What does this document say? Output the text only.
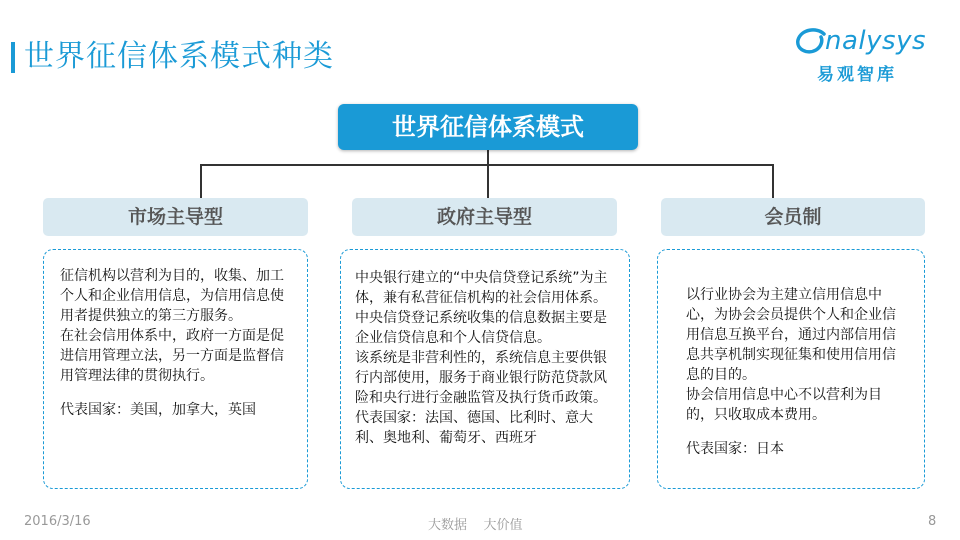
世界征信体系模式种类	nalysys
易观智库
世界征信体系模式
市场主导型

征信机构以营利为目的，收集、加工个人和企业信用信息，为信用信息使用者提供独立的第三方服务。

在社会信用体系中，政府一方面是促进信用管理立法，另一方面是监督信用管理法律的贯彻执行。

代表国家：美国，加拿大，英国

政府主导型

中央银行建立的“中央信贷登记系统”为主体，兼有私营征信机构的社会信用体系。

中央信贷登记系统收集的信息数据主要是企业信贷信息和个人信贷信息。

该系统是非营利性的，系统信息主要供银行内部使用，服务于商业银行防范贷款风险和央行进行金融监管及执行货币政策。

代表国家：法国、德国、比利时、意大利、奥地利、葡萄牙、西班牙

会员制

以行业协会为主建立信用信息中心，为协会会员提供个人和企业信用信息互换平台，通过内部信用信息共享机制实现征集和使用信用信息的目的。

协会信用信息中心不以营利为目的，只收取成本费用。

代表国家：日本

2016/3/16	大数据    大价值	8
